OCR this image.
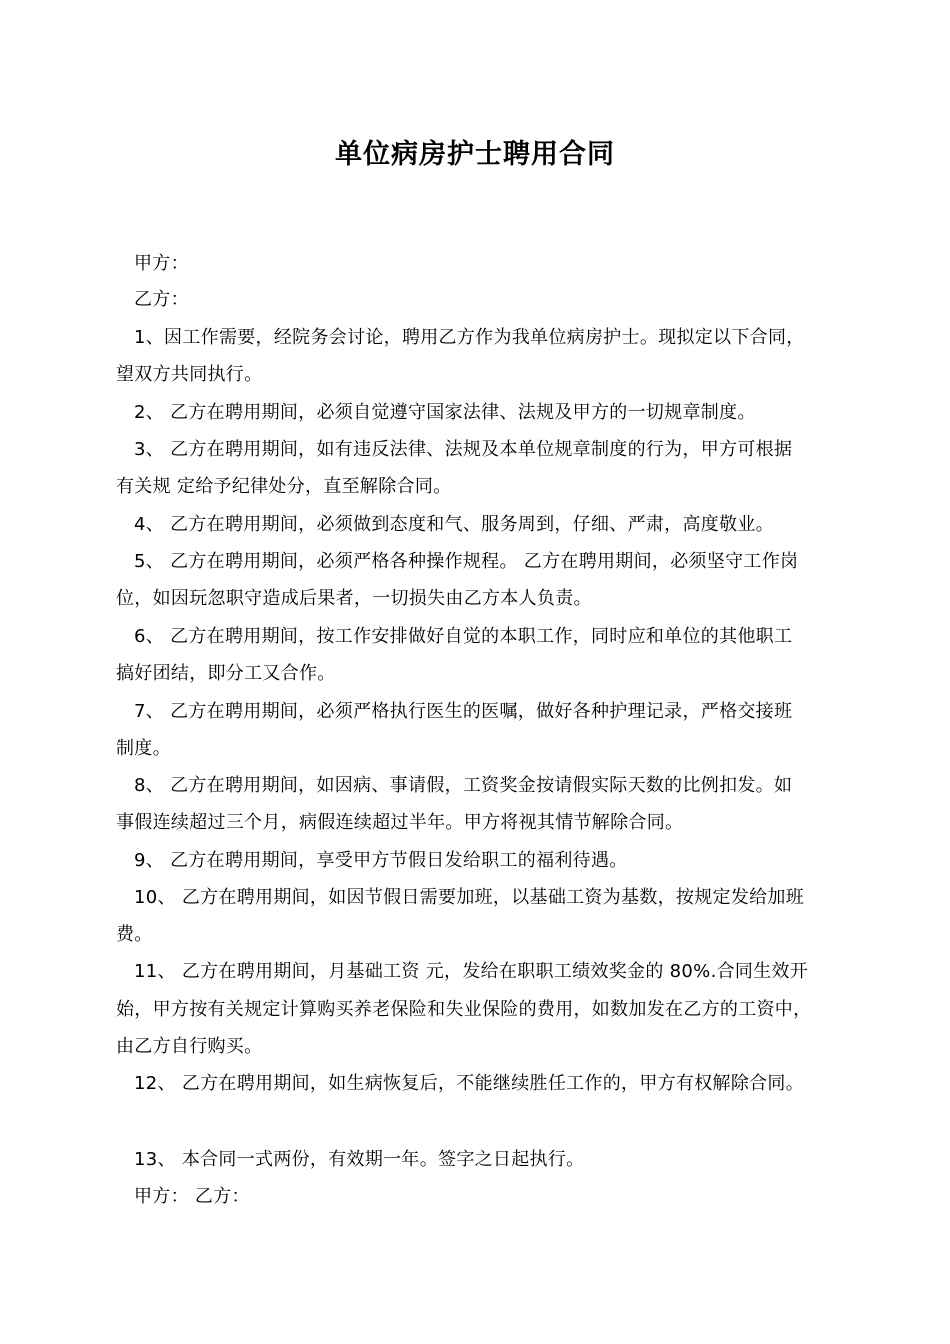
单位病房护士聘用合同
甲方：
乙方：
1、因工作需要，经院务会讨论，聘用乙方作为我单位病房护士。现拟定以下合同，
望双方共同执行。
2、 乙方在聘用期间，必须自觉遵守国家法律、法规及甲方的一切规章制度。
3、 乙方在聘用期间，如有违反法律、法规及本单位规章制度的行为，甲方可根据
有关规 定给予纪律处分，直至解除合同。
4、 乙方在聘用期间，必须做到态度和气、服务周到，仔细、严肃，高度敬业。
5、 乙方在聘用期间，必须严格各种操作规程。 乙方在聘用期间，必须坚守工作岗
位，如因玩忽职守造成后果者，一切损失由乙方本人负责。
6、 乙方在聘用期间，按工作安排做好自觉的本职工作，同时应和单位的其他职工
搞好团结，即分工又合作。
7、 乙方在聘用期间，必须严格执行医生的医嘱，做好各种护理记录，严格交接班
制度。
8、 乙方在聘用期间，如因病、事请假，工资奖金按请假实际天数的比例扣发。如
事假连续超过三个月，病假连续超过半年。甲方将视其情节解除合同。
9、 乙方在聘用期间，享受甲方节假日发给职工的福利待遇。
10、 乙方在聘用期间，如因节假日需要加班，以基础工资为基数，按规定发给加班
费。
11、 乙方在聘用期间，月基础工资 元，发给在职职工绩效奖金的 80%.合同生效开
始，甲方按有关规定计算购买养老保险和失业保险的费用，如数加发在乙方的工资中，
由乙方自行购买。
12、 乙方在聘用期间，如生病恢复后，不能继续胜任工作的，甲方有权解除合同。
13、 本合同一式两份，有效期一年。签字之日起执行。
甲方： 乙方：
